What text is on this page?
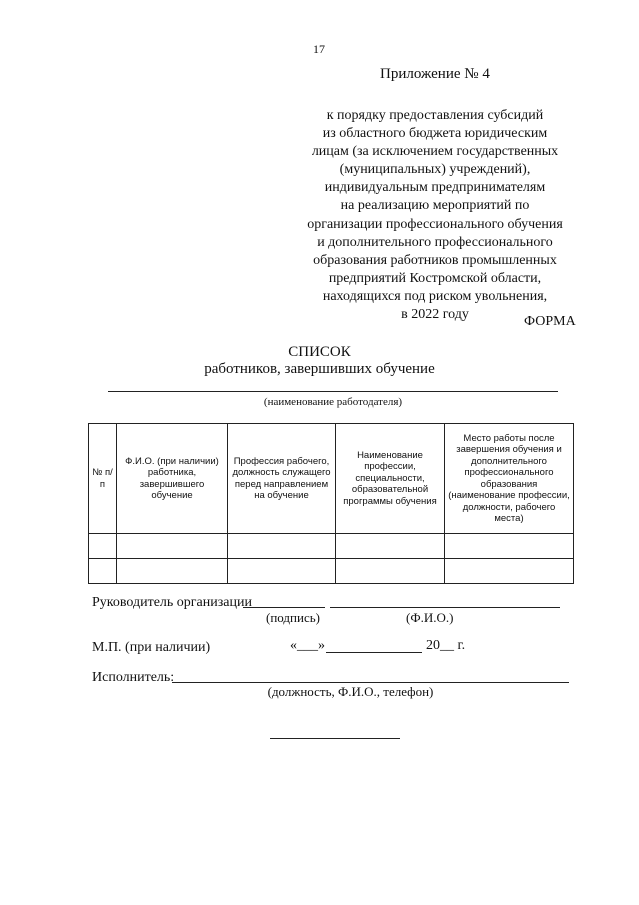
17
Приложение № 4
к порядку предоставления субсидий
из областного бюджета юридическим
лицам (за исключением государственных
(муниципальных) учреждений),
индивидуальным предпринимателям
на реализацию мероприятий по
организации профессионального обучения
и дополнительного профессионального
образования работников промышленных
предприятий Костромской области,
находящихся под риском увольнения,
в 2022 году	ФОРМА
СПИСОК
работников, завершивших обучение
(наименование работодателя)
№ п/п	Ф.И.О. (при наличии) работника, завершившего обучение	Профессия рабочего, должность служащего перед направлением на обучение	Наименование профессии, специальности, образовательной программы обучения	Место работы после завершения обучения и дополнительного профессионального образования (наименование профессии, должности, рабочего места)

Руководитель организации
(подпись)	(Ф.И.О.)
М.П. (при наличии)	«___»	20__ г.
Исполнитель:
(должность, Ф.И.О., телефон)
